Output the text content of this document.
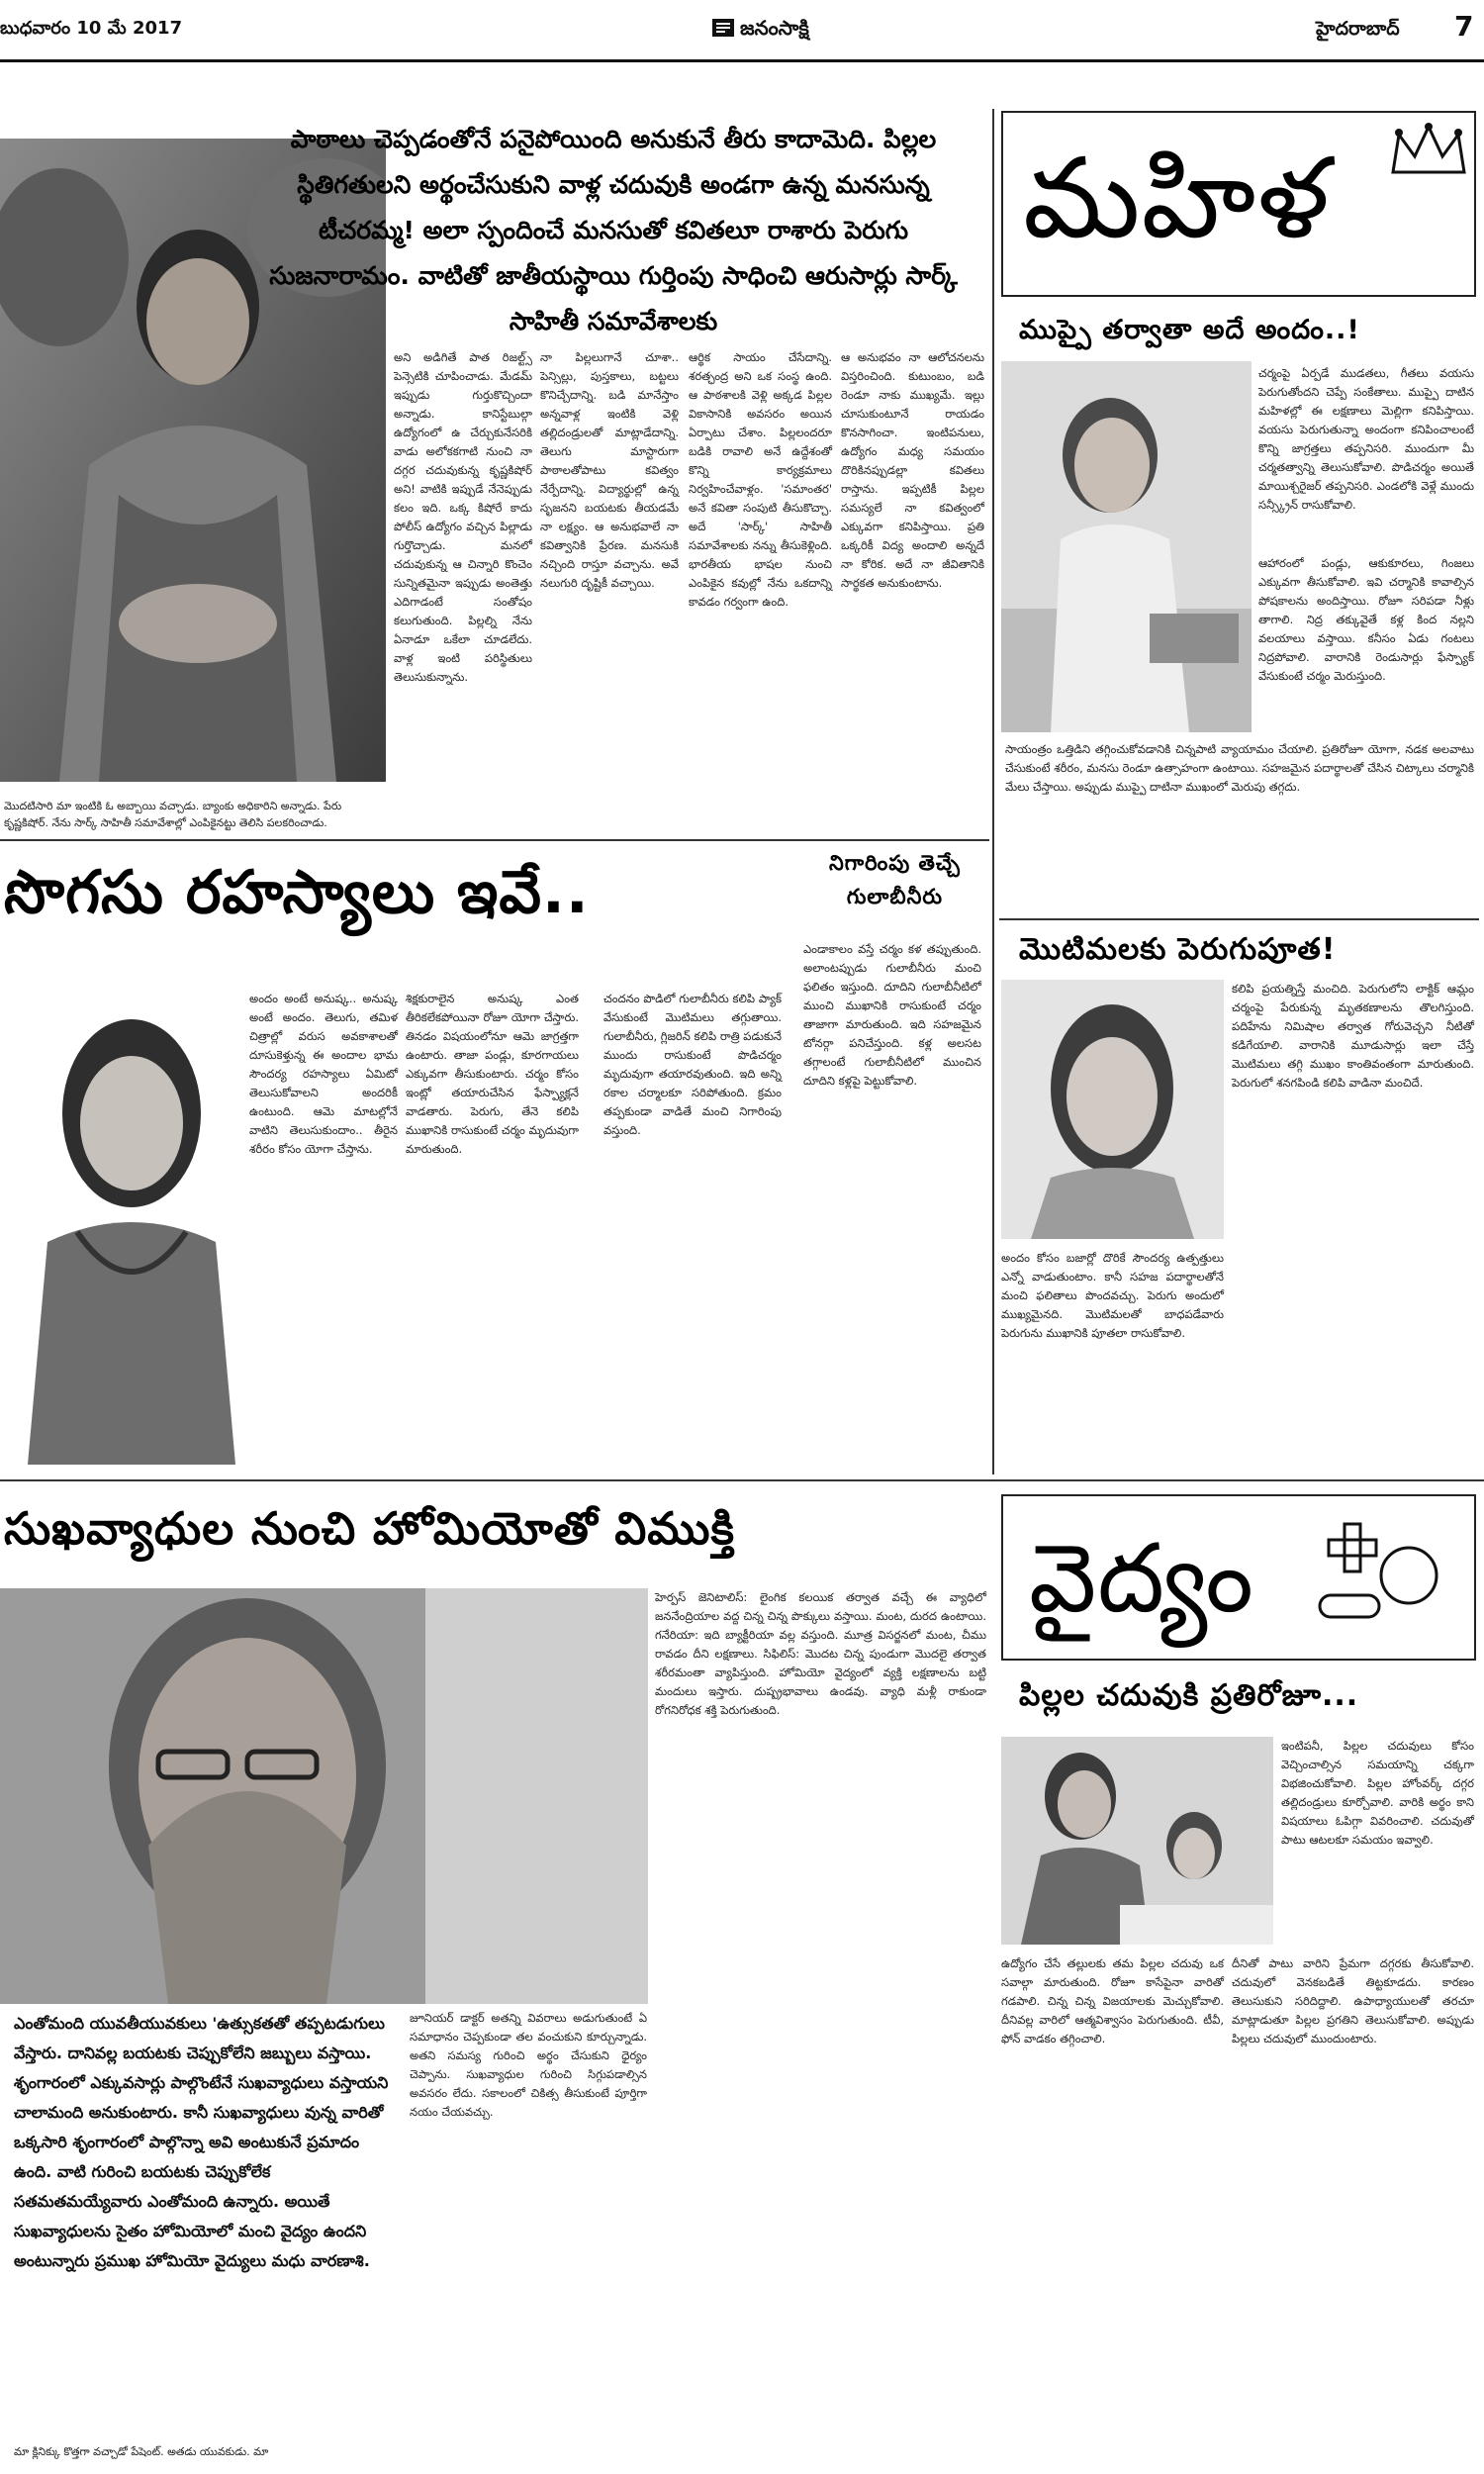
బుధవారం 10 మే 2017	జనంసాక్షి	హైదరాబాద్ 7

పాఠాలు చెప్పడంతోనే పనైపోయింది అనుకునే తీరు కాదామెది. పిల్లల స్థితిగతులని అర్థంచేసుకుని వాళ్ల చదువుకి అండగా ఉన్న మనసున్న టీచరమ్మ! అలా స్పందించే మనసుతో కవితలూ రాశారు పెరుగు సుజనారామం. వాటితో జాతీయస్థాయి గుర్తింపు సాధించి ఆరుసార్లు సార్క్ సాహితీ సమావేశాలకు

అని అడిగితే పాత రిజల్ట్స్ పెన్సెటికి చూపించాడు. మేడమ్ ఇప్పుడు గుర్తుకొచ్చిందా అన్నాడు. కానిస్టేబుల్గా ఉద్యోగంలో ఉ చేర్చుకునేసరికి వాడు అలోకకగాటి నుంచి నా దగ్గర చదువుకున్న కృష్ణకిషోర్ అని! వాటికి ఇప్పుడే నేనెప్పుడు కలం ఇది. ఒక్క కిషోరే కాదు పోలీస్ ఉద్యోగం వచ్చిన పిల్లాడు గుర్తొచ్చాడు. మనలో చదువుకున్న ఆ చిన్నారి కొంచెం సున్నితమైనా ఇప్పుడు అంతెత్తు ఎదిగాడంటే సంతోషం కలుగుతుంది. పిల్లల్ని నేను ఏనాడూ ఒకేలా చూడలేదు. వాళ్ల ఇంటి పరిస్థితులు తెలుసుకున్నాను.

నా పిల్లలుగానే చూశా.. పెన్సిల్లు, పుస్తకాలు, బట్టలు కొనిచ్చేదాన్ని. బడి మానేస్తాం అన్నవాళ్ల ఇంటికి వెళ్లి తల్లిదండ్రులతో మాట్లాడేదాన్ని. తెలుగు మాస్టారుగా పాఠాలతోపాటు కవిత్వం నేర్పేదాన్ని. విద్యార్థుల్లో ఉన్న సృజనని బయటకు తీయడమే నా లక్ష్యం. ఆ అనుభవాలే నా కవిత్వానికి ప్రేరణ. మనసుకి నచ్చింది రాస్తూ వచ్చాను. అవే నలుగురి దృష్టికీ వచ్చాయి.

ఆర్థిక సాయం చేసేదాన్ని. శరత్ఛంద్ర అని ఒక సంస్థ ఉంది. ఆ పాఠశాలకి వెళ్లి అక్కడ పిల్లల వికాసానికి అవసరం అయిన ఏర్పాటు చేశాం. పిల్లలందరూ బడికి రావాలి అనే ఉద్దేశంతో కొన్ని కార్యక్రమాలు నిర్వహించేవాళ్లం. 'సమాంతర' అనే కవితా సంపుటి తీసుకొచ్చా. అదే 'సార్క్' సాహితీ సమావేశాలకు నన్ను తీసుకెళ్లింది. భారతీయ భాషల నుంచి ఎంపికైన కవుల్లో నేను ఒకదాన్ని కావడం గర్వంగా ఉంది.

ఆ అనుభవం నా ఆలోచనలను విస్తరించింది. కుటుంబం, బడి రెండూ నాకు ముఖ్యమే. ఇల్లు చూసుకుంటూనే రాయడం కొనసాగించా. ఇంటిపనులు, ఉద్యోగం మధ్య సమయం దొరికినప్పుడల్లా కవితలు రాస్తాను. ఇప్పటికీ పిల్లల సమస్యలే నా కవిత్వంలో ఎక్కువగా కనిపిస్తాయి. ప్రతి ఒక్కరికీ విద్య అందాలి అన్నదే నా కోరిక. అదే నా జీవితానికి సార్థకత అనుకుంటాను.

మొదటిసారి మా ఇంటికి ఓ అబ్బాయి వచ్చాడు. బ్యాంకు అధికారిని అన్నాడు. పేరు కృష్ణకిషోర్. నేను సార్క్ సాహితీ సమావేశాల్లో ఎంపికైనట్టు తెలిసి పలకరించాడు.

మహిళ
ముప్పై తర్వాతా అదే అందం..!

చర్మంపై ఏర్పడే ముడతలు, గీతలు వయసు పెరుగుతోందని చెప్పే సంకేతాలు. ముప్పై దాటిన మహిళల్లో ఈ లక్షణాలు మెల్లిగా కనిపిస్తాయి. వయసు పెరుగుతున్నా అందంగా కనిపించాలంటే కొన్ని జాగ్రత్తలు తప్పనిసరి. ముందుగా మీ చర్మతత్వాన్ని తెలుసుకోవాలి. పొడిచర్మం అయితే మాయిశ్చరైజర్ తప్పనిసరి. ఎండలోకి వెళ్లే ముందు సన్స్క్రీన్ రాసుకోవాలి.

ఆహారంలో పండ్లు, ఆకుకూరలు, గింజలు ఎక్కువగా తీసుకోవాలి. ఇవి చర్మానికి కావాల్సిన పోషకాలను అందిస్తాయి. రోజూ సరిపడా నీళ్లు తాగాలి. నిద్ర తక్కువైతే కళ్ల కింద నల్లని వలయాలు వస్తాయి. కనీసం ఏడు గంటలు నిద్రపోవాలి. వారానికి రెండుసార్లు ఫేస్ప్యాక్ వేసుకుంటే చర్మం మెరుస్తుంది.

సాయంత్రం ఒత్తిడిని తగ్గించుకోవడానికి చిన్నపాటి వ్యాయామం చేయాలి. ప్రతిరోజూ యోగా, నడక అలవాటు చేసుకుంటే శరీరం, మనసు రెండూ ఉత్సాహంగా ఉంటాయి. సహజమైన పదార్థాలతో చేసిన చిట్కాలు చర్మానికి మేలు చేస్తాయి. అప్పుడు ముప్పై దాటినా ముఖంలో మెరుపు తగ్గదు.

సొగసు రహస్యాలు ఇవే..	నిగారింపు తెచ్చే గులాబీనీరు

అందం అంటే అనుష్క.. అనుష్క అంటే అందం. తెలుగు, తమిళ చిత్రాల్లో వరుస అవకాశాలతో దూసుకెళ్తున్న ఈ అందాల భామ సౌందర్య రహస్యాలు ఏమిటో తెలుసుకోవాలని అందరికీ ఉంటుంది. ఆమె మాటల్లోనే వాటిని తెలుసుకుందాం.. తీరైన శరీరం కోసం యోగా చేస్తాను.

శిక్షకురాలైన అనుష్క ఎంత తీరికలేకపోయినా రోజూ యోగా చేస్తారు. తినడం విషయంలోనూ ఆమె జాగ్రత్తగా ఉంటారు. తాజా పండ్లు, కూరగాయలు ఎక్కువగా తీసుకుంటారు. చర్మం కోసం ఇంట్లో తయారుచేసిన ఫేస్ప్యాక్లనే వాడతారు. పెరుగు, తేనె కలిపి ముఖానికి రాసుకుంటే చర్మం మృదువుగా మారుతుంది.

ఎండాకాలం వస్తే చర్మం కళ తప్పుతుంది. అలాంటప్పుడు గులాబీనీరు మంచి ఫలితం ఇస్తుంది. దూదిని గులాబీనీటిలో ముంచి ముఖానికి రాసుకుంటే చర్మం తాజాగా మారుతుంది. ఇది సహజమైన టోనర్గా పనిచేస్తుంది. కళ్ల అలసట తగ్గాలంటే గులాబీనీటిలో ముంచిన దూదిని కళ్లపై పెట్టుకోవాలి.

చందనం పొడిలో గులాబీనీరు కలిపి ప్యాక్ వేసుకుంటే మొటిమలు తగ్గుతాయి. గులాబీనీరు, గ్లిజరిన్ కలిపి రాత్రి పడుకునే ముందు రాసుకుంటే పొడిచర్మం మృదువుగా తయారవుతుంది. ఇది అన్ని రకాల చర్మాలకూ సరిపోతుంది. క్రమం తప్పకుండా వాడితే మంచి నిగారింపు వస్తుంది.

మొటిమలకు పెరుగుపూత!

అందం కోసం బజార్లో దొరికే సౌందర్య ఉత్పత్తులు ఎన్నో వాడుతుంటాం. కానీ సహజ పదార్థాలతోనే మంచి ఫలితాలు పొందవచ్చు. పెరుగు అందులో ముఖ్యమైనది. మొటిమలతో బాధపడేవారు పెరుగును ముఖానికి పూతలా రాసుకోవాలి.

కలిపి ప్రయత్నిస్తే మంచిది. పెరుగులోని లాక్టిక్ ఆమ్లం చర్మంపై పేరుకున్న మృతకణాలను తొలగిస్తుంది. పదిహేను నిమిషాల తర్వాత గోరువెచ్చని నీటితో కడిగేయాలి. వారానికి మూడుసార్లు ఇలా చేస్తే మొటిమలు తగ్గి ముఖం కాంతివంతంగా మారుతుంది. పెరుగులో శనగపిండి కలిపి వాడినా మంచిదే.

సుఖవ్యాధుల నుంచి హోమియోతో విముక్తి

ఎంతోమంది యువతీయువకులు 'ఉత్సుకతతో తప్పటడుగులు వేస్తారు. దానివల్ల బయటకు చెప్పుకోలేని జబ్బులు వస్తాయి. శృంగారంలో ఎక్కువసార్లు పాల్గొంటేనే సుఖవ్యాధులు వస్తాయని చాలామంది అనుకుంటారు. కానీ సుఖవ్యాధులు వున్న వారితో ఒక్కసారి శృంగారంలో పాల్గొన్నా అవి అంటుకునే ప్రమాదం ఉంది. వాటి గురించి బయటకు చెప్పుకోలేక సతమతమయ్యేవారు ఎంతోమంది ఉన్నారు. అయితే సుఖవ్యాధులను సైతం హోమియోలో మంచి వైద్యం ఉందని అంటున్నారు ప్రముఖ హోమియో వైద్యులు మధు వారణాశి.

మా క్లినిక్కు కొత్తగా వచ్చాడో పేషెంట్. అతడు యువకుడు. మా

జూనియర్ డాక్టర్ అతన్ని వివరాలు అడుగుతుంటే ఏ సమాధానం చెప్పకుండా తల వంచుకుని కూర్చున్నాడు. అతని సమస్య గురించి అర్థం చేసుకుని ధైర్యం చెప్పాను. సుఖవ్యాధుల గురించి సిగ్గుపడాల్సిన అవసరం లేదు. సకాలంలో చికిత్స తీసుకుంటే పూర్తిగా నయం చేయవచ్చు.

హెర్పస్ జెనిటాలిస్: లైంగిక కలయిక తర్వాత వచ్చే ఈ వ్యాధిలో జననేంద్రియాల వద్ద చిన్న చిన్న పొక్కులు వస్తాయి. మంట, దురద ఉంటాయి. గనేరియా: ఇది బ్యాక్టీరియా వల్ల వస్తుంది. మూత్ర విసర్జనలో మంట, చీము రావడం దీని లక్షణాలు. సిఫిలిస్: మొదట చిన్న పుండుగా మొదలై తర్వాత శరీరమంతా వ్యాపిస్తుంది. హోమియో వైద్యంలో వ్యక్తి లక్షణాలను బట్టి మందులు ఇస్తారు. దుష్ప్రభావాలు ఉండవు. వ్యాధి మళ్లీ రాకుండా రోగనిరోధక శక్తి పెరుగుతుంది.

వైద్యం
పిల్లల చదువుకి ప్రతిరోజూ...

ఇంటిపనీ, పిల్లల చదువులు కోసం వెచ్చించాల్సిన సమయాన్ని చక్కగా విభజించుకోవాలి. పిల్లల హోంవర్క్ దగ్గర తల్లిదండ్రులు కూర్చోవాలి. వారికి అర్థం కాని విషయాలు ఓపిగ్గా వివరించాలి. చదువుతో పాటు ఆటలకూ సమయం ఇవ్వాలి.

ఉద్యోగం చేసే తల్లులకు తమ పిల్లల చదువు ఒక సవాల్గా మారుతుంది. రోజూ కాసేపైనా వారితో గడపాలి. చిన్న చిన్న విజయాలకు మెచ్చుకోవాలి. దీనివల్ల వారిలో ఆత్మవిశ్వాసం పెరుగుతుంది. టీవీ, ఫోన్ వాడకం తగ్గించాలి.

దీనితో పాటు వారిని ప్రేమగా దగ్గరకు తీసుకోవాలి. చదువులో వెనకబడితే తిట్టకూడదు. కారణం తెలుసుకుని సరిదిద్దాలి. ఉపాధ్యాయులతో తరచూ మాట్లాడుతూ పిల్లల ప్రగతిని తెలుసుకోవాలి. అప్పుడు పిల్లలు చదువులో ముందుంటారు.
